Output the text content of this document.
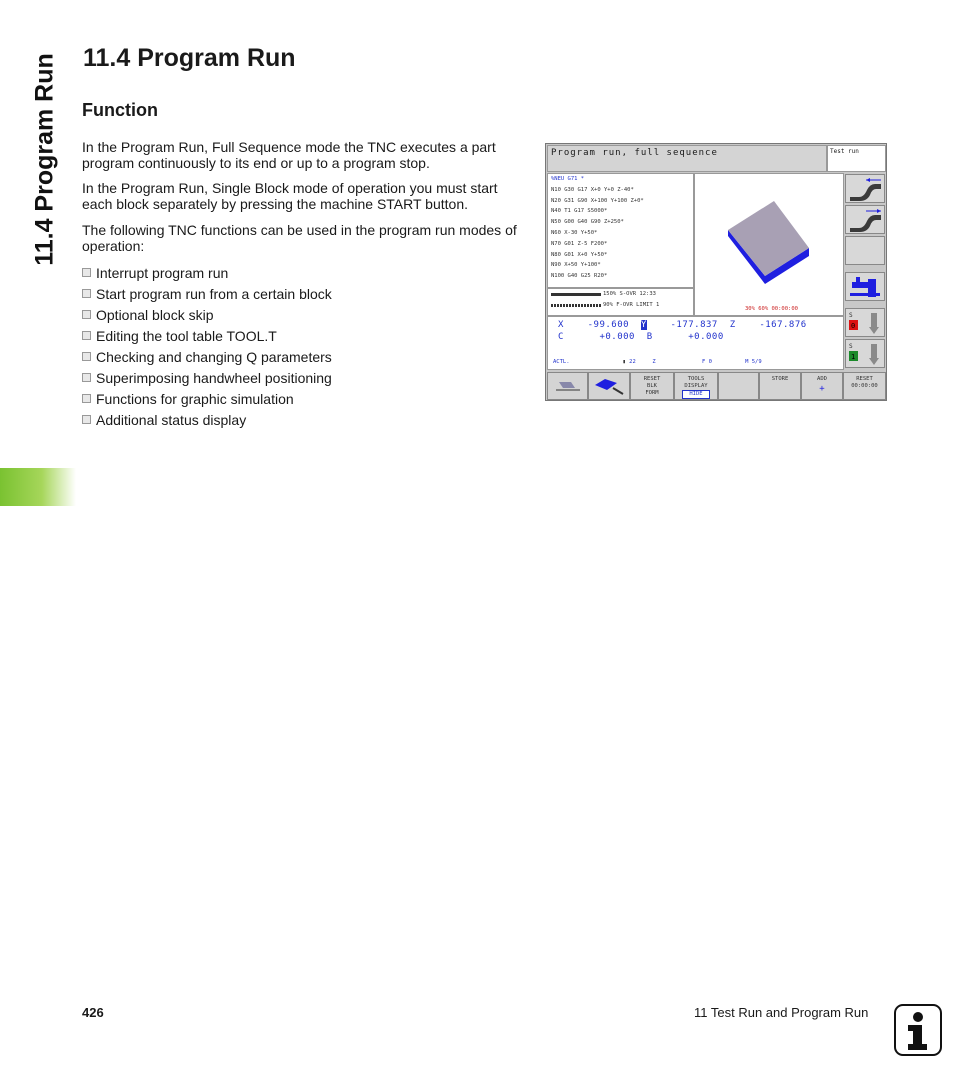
11.4 Program Run 11.4 Program Run
Function

In the Program Run, Full Sequence mode the TNC executes a part program continuously to its end or up to a program stop.

In the Program Run, Single Block mode of operation you must start each block separately by pressing the machine START button.

The following TNC functions can be used in the program run modes of operation:

Interrupt program run
Start program run from a certain block
Optional block skip
Editing the tool table TOOL.T
Checking and changing Q parameters
Superimposing handwheel positioning
Functions for graphic simulation
Additional status display
Program run, full sequence	Test run
%NEU G71 *
N10 G30 G17 X+0 Y+0 Z-40*
N20 G31 G90 X+100 Y+100 Z+0*
N40 T1 G17 S5000*
N50 G00 G40 G90 Z+250*
N60 X-30 Y+50*
N70 G01 Z-5 F200*
N80 G01 X+0 Y+50*
N90 X+50 Y+100*
N100 G40 G25 R20*
150% S-OVR 12:33
90% F-OVR LIMIT 1
30% 60% 00:00:00
X	-99.600 Y	-177.837 Z	-167.876
C	+0.000 B	+0.000
ACTL.	▮ 22	Z	F 0	M 5/9
S
0
S
1
RESET
BLK
FORM
TOOLS
DISPLAY
HIDE
STORE	ADD
+
RESET
00:00:00
426	11 Test Run and Program Run
